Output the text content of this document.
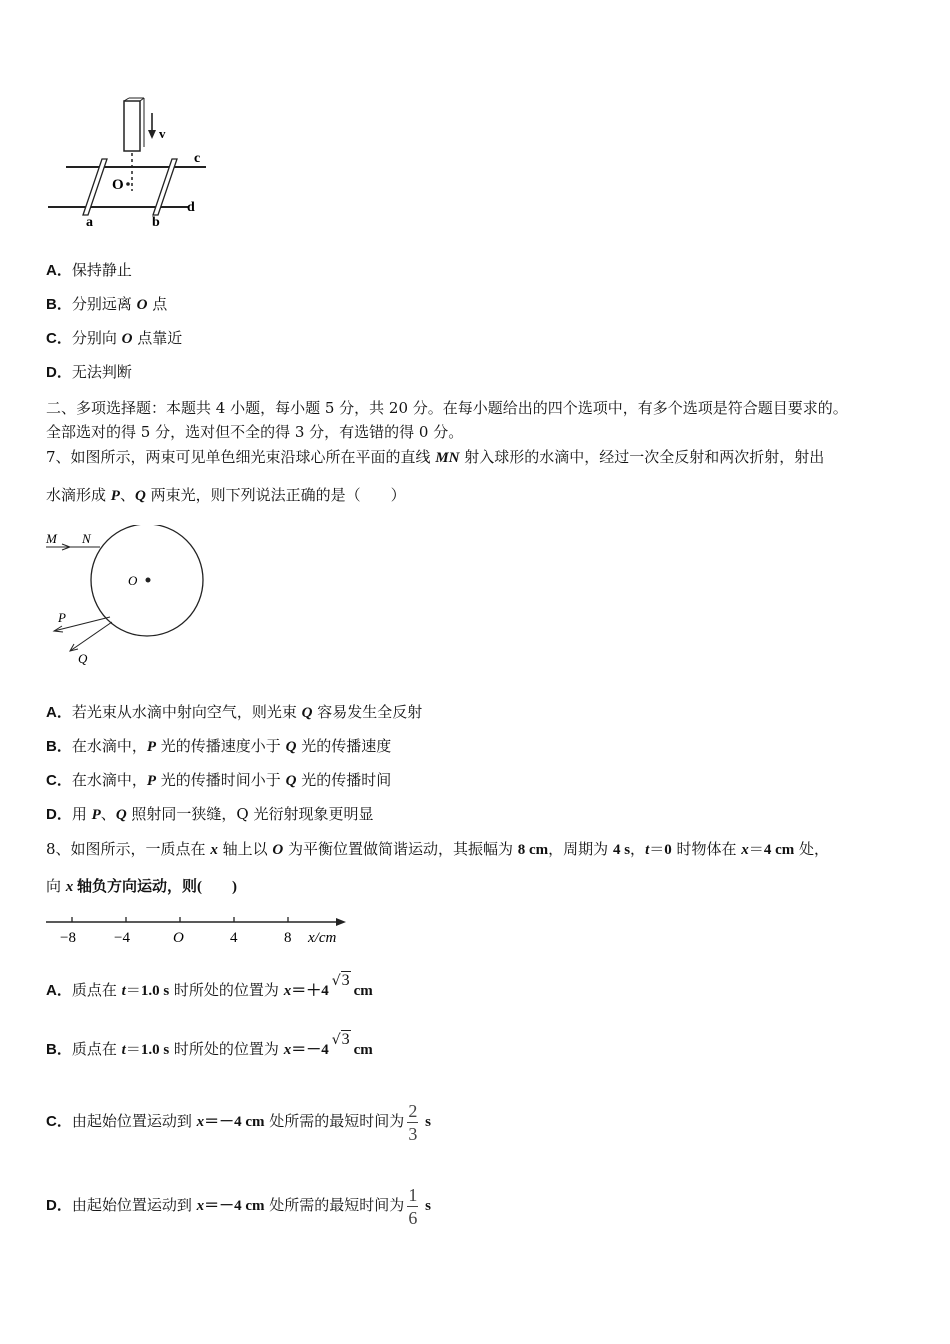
v
c
d
O
a	b
A．保持静止
B．分别远离 O 点
C．分别向 O 点靠近
D．无法判断
二、多项选择题：本题共 4 小题，每小题 5 分，共 20 分。在每小题给出的四个选项中，有多个选项是符合题目要求的。
全部选对的得 5 分，选对但不全的得 3 分，有选错的得 0 分。
7、如图所示，两束可见单色细光束沿球心所在平面的直线 MN 射入球形的水滴中，经过一次全反射和两次折射，射出
水滴形成 P、Q 两束光，则下列说法正确的是（　　）
O
M N
P
Q
A．若光束从水滴中射向空气，则光束 Q 容易发生全反射
B．在水滴中，P 光的传播速度小于 Q 光的传播速度
C．在水滴中，P 光的传播时间小于 Q 光的传播时间
D．用 P、Q 照射同一狭缝，Q 光衍射现象更明显
8、如图所示，一质点在 x 轴上以 O 为平衡位置做简谐运动，其振幅为 8 cm，周期为 4 s，t＝0 时物体在 x＝4 cm 处，
向 x 轴负方向运动，则(　　)
−8	−4	O	4	8 x/cm
A．质点在 t＝1.0 s 时所处的位置为 x＝＋4√3cm
B．质点在 t＝1.0 s 时所处的位置为 x＝－4√3cm
C．由起始位置运动到 x＝－4 cm 处所需的最短时间为 $\frac{2}{3}$ s
D．由起始位置运动到 x＝－4 cm 处所需的最短时间为 $\frac{1}{6}$ s
